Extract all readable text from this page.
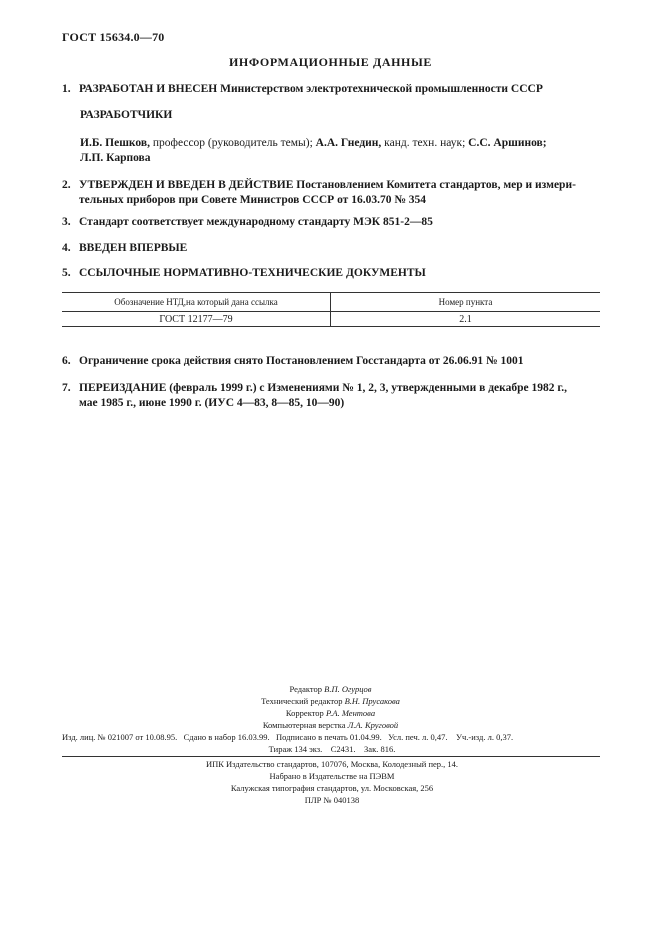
ГОСТ 15634.0—70
ИНФОРМАЦИОННЫЕ ДАННЫЕ
1. РАЗРАБОТАН И ВНЕСЕН Министерством электротехнической промышленности СССР
РАЗРАБОТЧИКИ
И.Б. Пешков, профессор (руководитель темы); А.А. Гнедин, канд. техн. наук; С.С. Аршинов;
Л.П. Карпова
2. УТВЕРЖДЕН И ВВЕДЕН В ДЕЙСТВИЕ Постановлением Комитета стандартов, мер и измери-
тельных приборов при Совете Министров СССР от 16.03.70 № 354
3. Стандарт соответствует международному стандарту МЭК 851-2—85
4. ВВЕДЕН ВПЕРВЫЕ
5. ССЫЛОЧНЫЕ НОРМАТИВНО-ТЕХНИЧЕСКИЕ ДОКУМЕНТЫ
Обозначение НТД,на который дана ссылка	Номер пункта
ГОСТ 12177—79	2.1
6. Ограничение срока действия снято Постановлением Госстандарта от 26.06.91 № 1001
7. ПЕРЕИЗДАНИЕ (февраль 1999 г.) с Изменениями № 1, 2, 3, утвержденными в декабре 1982 г.,
мае 1985 г., июне 1990 г. (ИУС 4—83, 8—85, 10—90)
Редактор В.П. Огурцов
Технический редактор В.Н. Прусакова
Корректор Р.А. Ментова
Компьютерная верстка Л.А. Круговой
Изд. лиц. № 021007 от 10.08.95.   Сдано в набор 16.03.99.   Подписано в печать 01.04.99.   Усл. печ. л. 0,47.    Уч.-изд. л. 0,37.
Тираж 134 экз.    С2431.    Зак. 816.
ИПК Издательство стандартов, 107076, Москва, Колодезный пер., 14.
Набрано в Издательстве на ПЭВМ
Калужская типография стандартов, ул. Московская, 256
ПЛР № 040138
